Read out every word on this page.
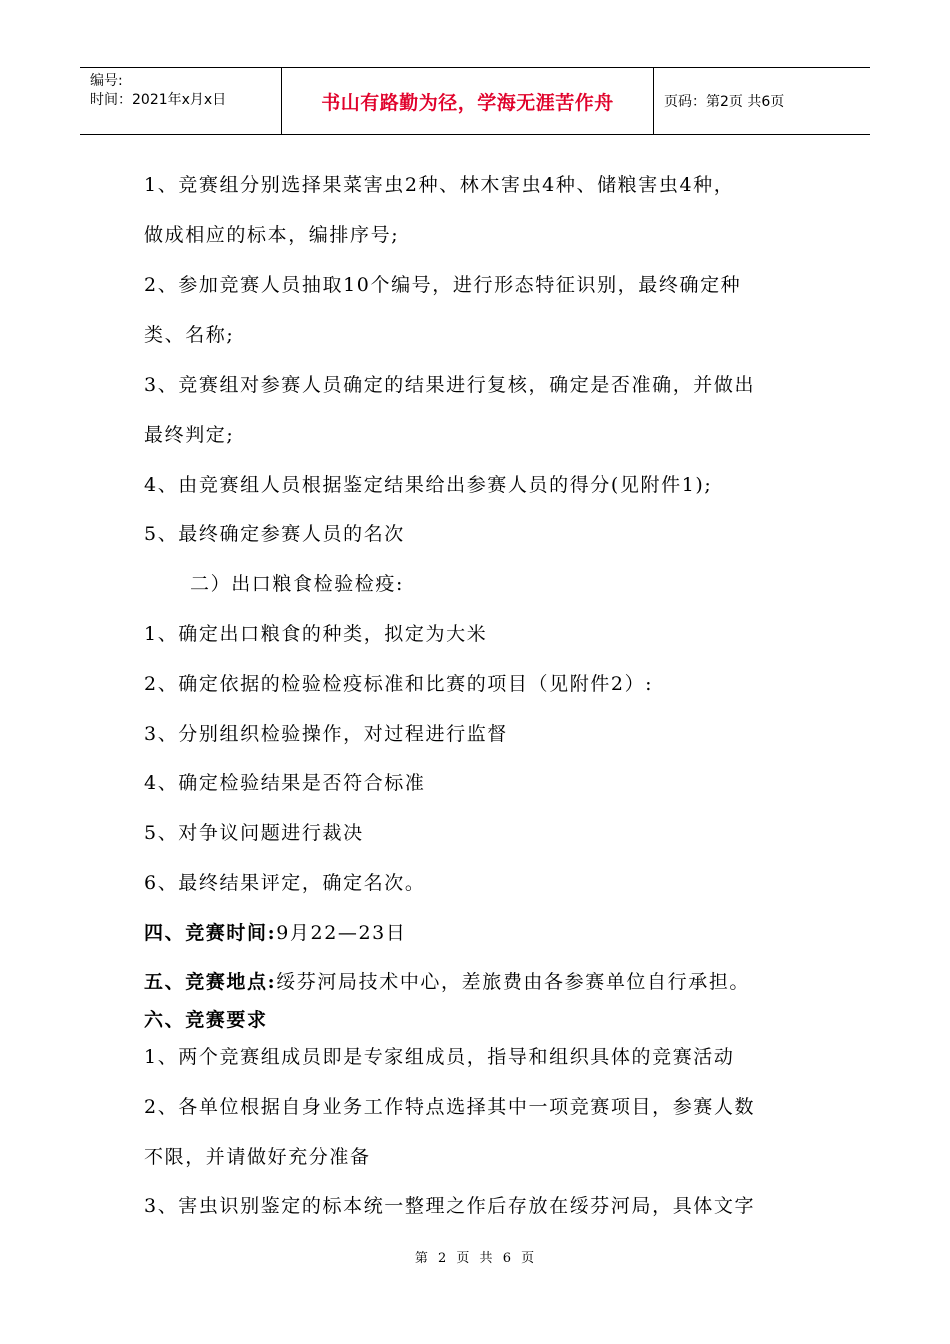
编号:
时间：2021年x月x日	书山有路勤为径，学海无涯苦作舟	页码：第2页 共6页
1、竞赛组分别选择果菜害虫2种、林木害虫4种、储粮害虫4种，
做成相应的标本，编排序号;
2、参加竞赛人员抽取10个编号，进行形态特征识别，最终确定种
类、名称;
3、竞赛组对参赛人员确定的结果进行复核，确定是否准确，并做出
最终判定;
4、由竞赛组人员根据鉴定结果给出参赛人员的得分(见附件1);
5、最终确定参赛人员的名次
二）出口粮食检验检疫:
1、确定出口粮食的种类，拟定为大米
2、确定依据的检验检疫标准和比赛的项目（见附件2）:
3、分别组织检验操作，对过程进行监督
4、确定检验结果是否符合标准
5、对争议问题进行裁决
6、最终结果评定，确定名次。
四、竞赛时间:9月22—23日
五、竞赛地点:绥芬河局技术中心，差旅费由各参赛单位自行承担。
六、竞赛要求
1、两个竞赛组成员即是专家组成员，指导和组织具体的竞赛活动
2、各单位根据自身业务工作特点选择其中一项竞赛项目，参赛人数
不限，并请做好充分准备
3、害虫识别鉴定的标本统一整理之作后存放在绥芬河局，具体文字
第 2 页 共 6 页
